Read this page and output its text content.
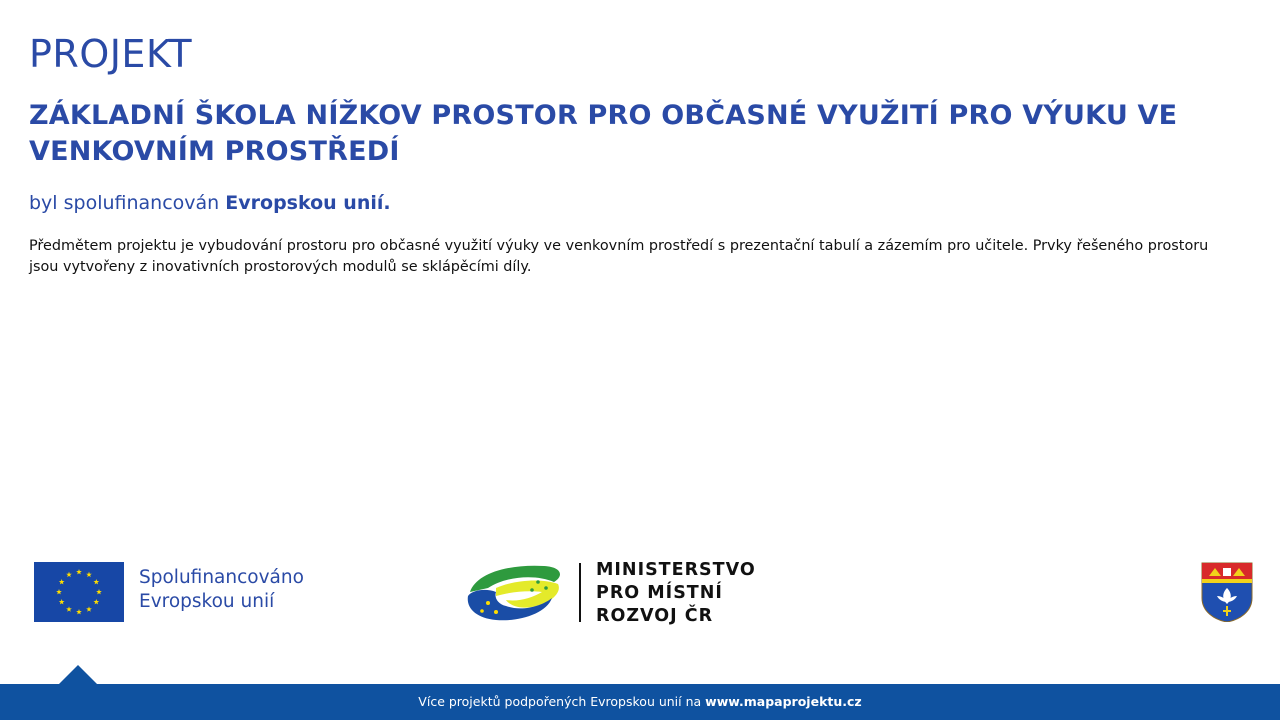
PROJEKT
ZÁKLADNÍ ŠKOLA NÍŽKOV PROSTOR PRO OBČASNÉ VYUŽITÍ PRO VÝUKU VE VENKOVNÍM PROSTŘEDÍ
byl spolufinancován Evropskou unií.
Předmětem projektu je vybudování prostoru pro občasné využití výuky ve venkovním prostředí s prezentační tabulí a zázemím pro učitele. Prvky řešeného prostoru jsou vytvořeny z inovativních prostorových modulů se sklápěcími díly.
Spolufinancováno
Evropskou unií
MINISTERSTVO
PRO MÍSTNÍ
ROZVOJ ČR
Více projektů podpořených Evropskou unií na www.mapaprojektu.cz
